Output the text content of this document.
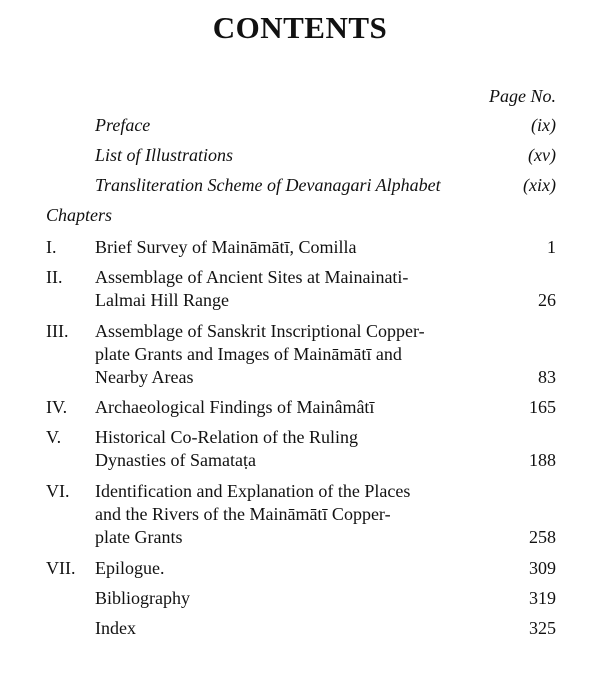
CONTENTS
Page No.
Preface	(ix)
List of Illustrations	(xv)
Transliteration Scheme of Devanagari Alphabet	(xix)
Chapters
I. Brief Survey of Maināmātī, Comilla	1
II. Assemblage of Ancient Sites at Mainainati-
Lalmai Hill Range	26
III. Assemblage of Sanskrit Inscriptional Copper-
plate Grants and Images of Maināmātī and
Nearby Areas	83
IV. Archaeological Findings of Mainâmâtī	165
V. Historical Co-Relation of the Ruling
Dynasties of Samataṭa	188
VI. Identification and Explanation of the Places
and the Rivers of the Maināmātī Copper-
plate Grants	258
VII. Epilogue.	309
Bibliography	319
Index	325
